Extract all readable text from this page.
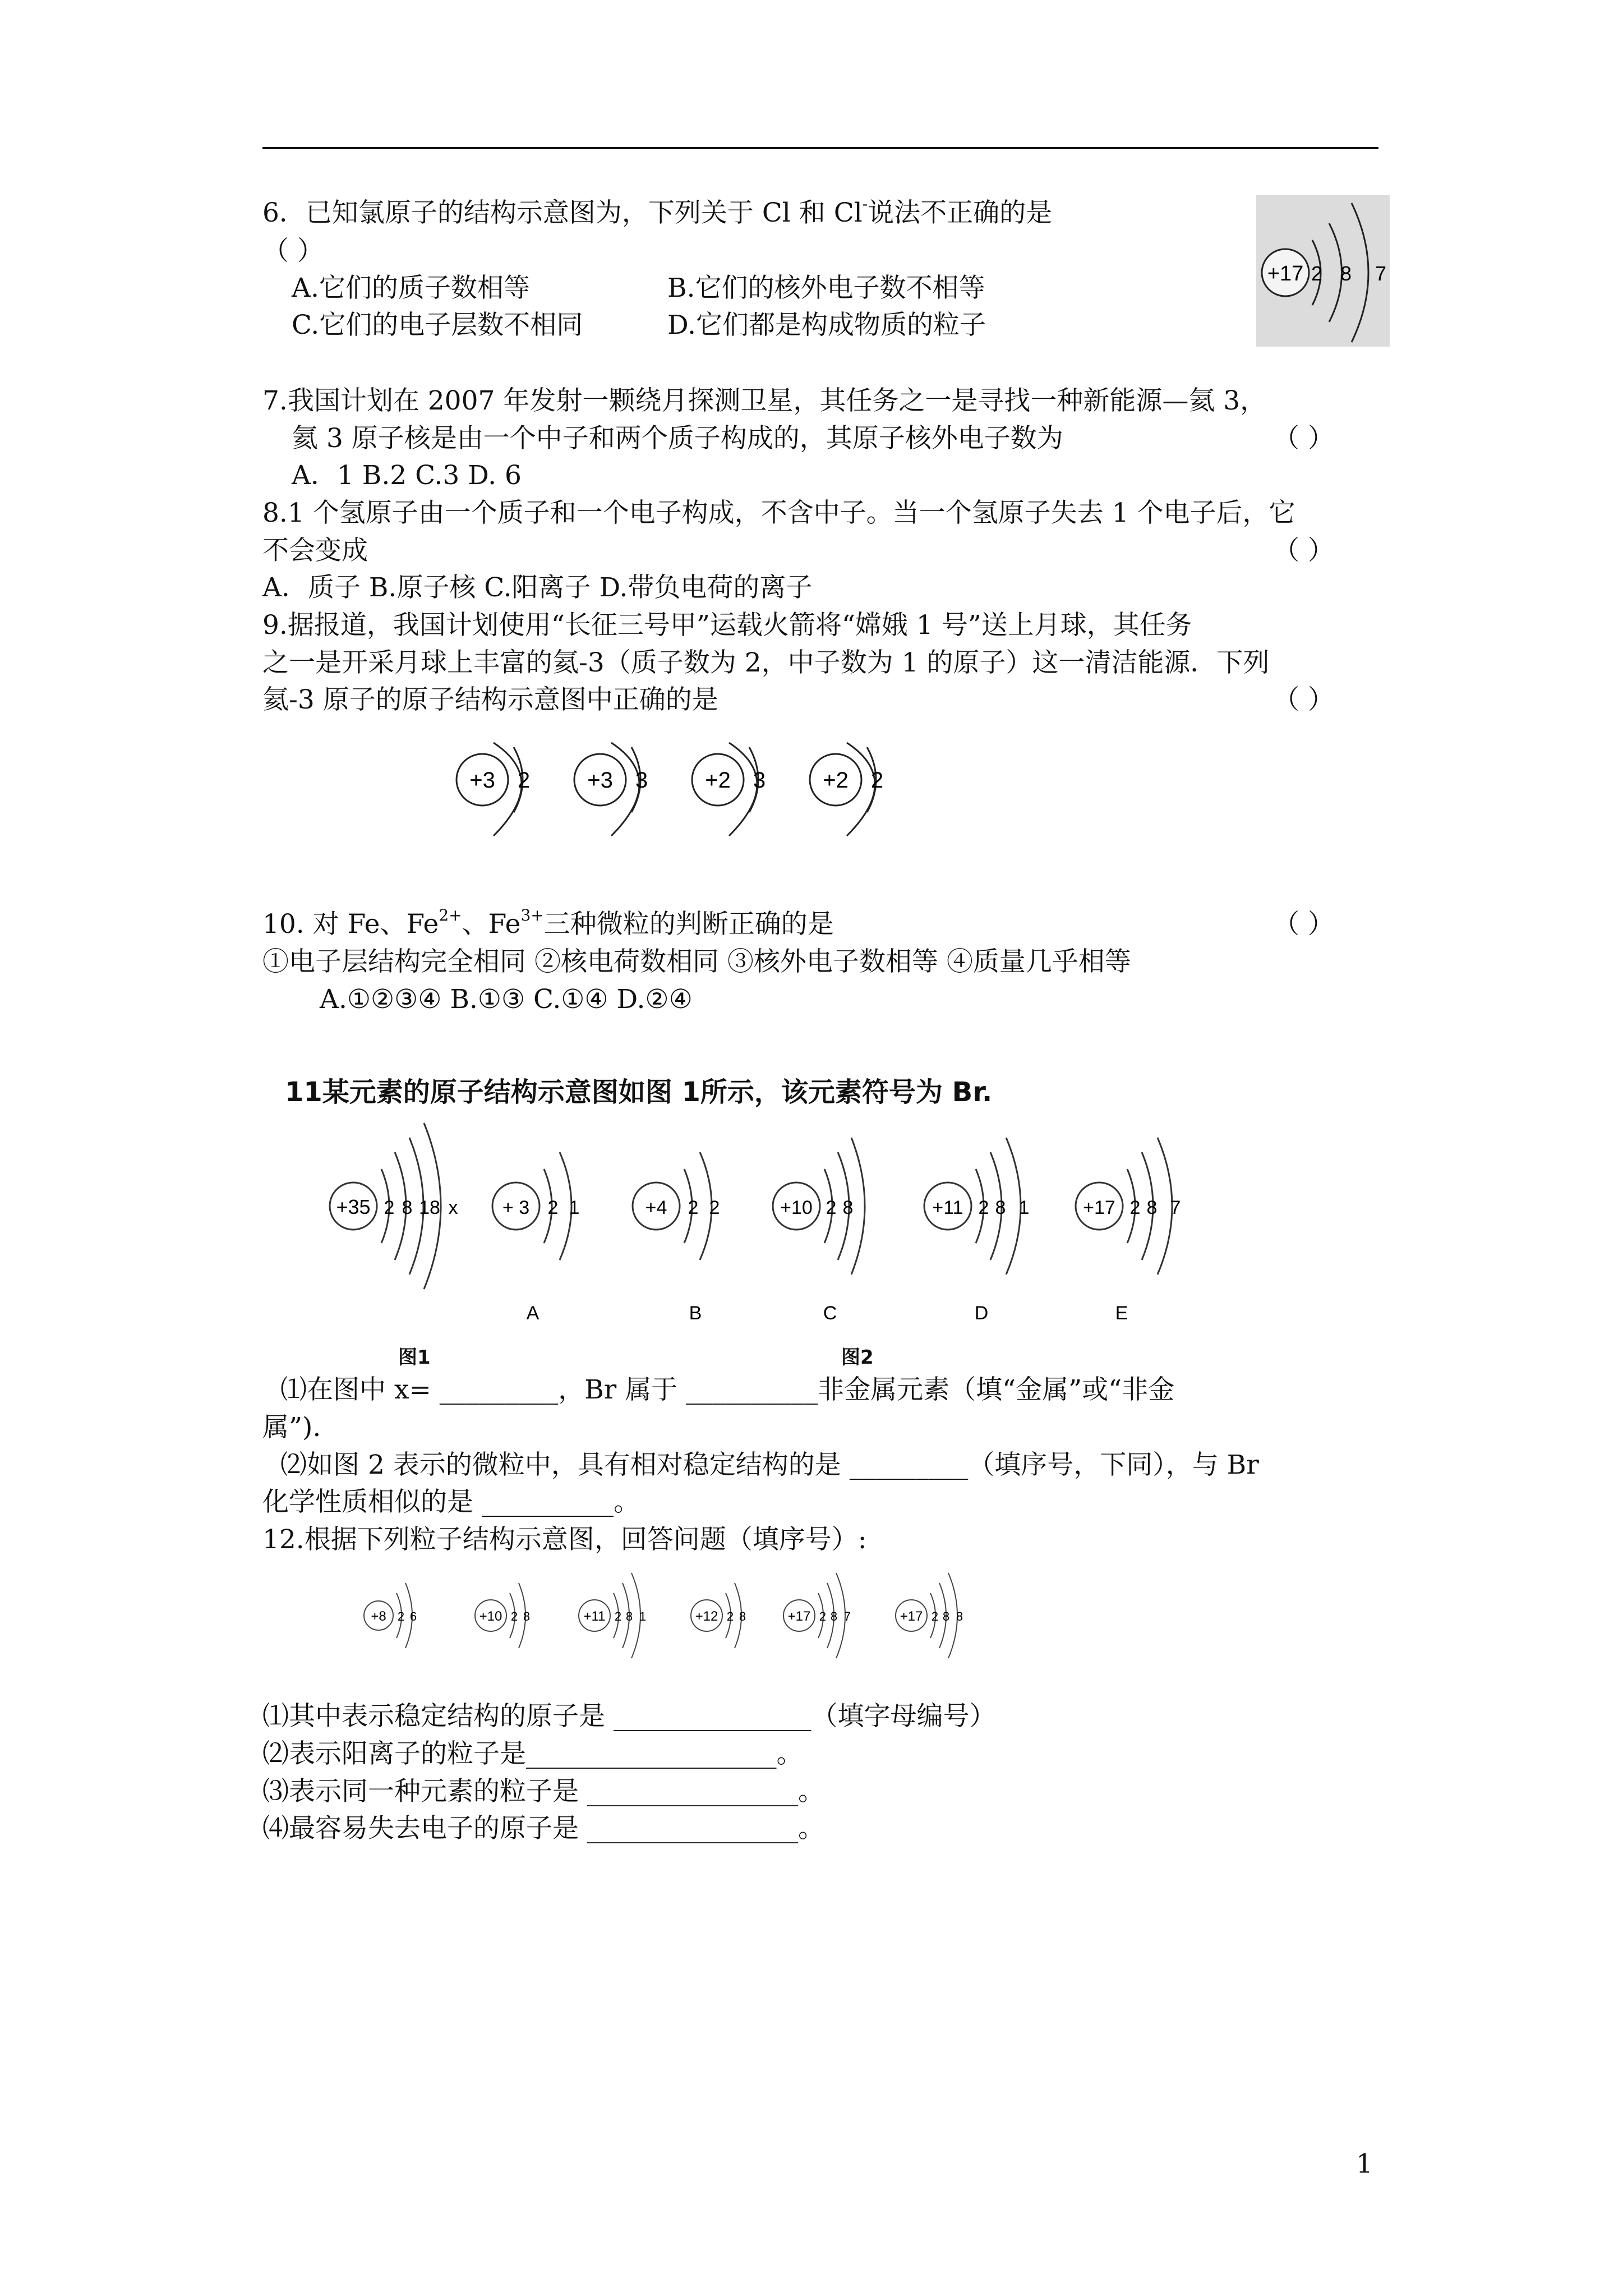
6．已知氯原子的结构示意图为，下列关于 Cl 和 Cl-说法不正确的是
（ ）
A.它们的质子数相等	B.它们的核外电子数不相等
C.它们的电子层数不相同	D.它们都是构成物质的粒子
+17 2 8 7
7.我国计划在 2007 年发射一颗绕月探测卫星，其任务之一是寻找一种新能源—氦 3，
氦 3 原子核是由一个中子和两个质子构成的，其原子核外电子数为	（ ）
A．1 B.2 C.3 D. 6
8.1 个氢原子由一个质子和一个电子构成，不含中子。当一个氢原子失去 1 个电子后，它
不会变成	（ ）
A．质子 B.原子核 C.阳离子 D.带负电荷的离子
9.据报道，我国计划使用“长征三号甲”运载火箭将“嫦娥 1 号”送上月球，其任务
之一是开采月球上丰富的氦-3（质子数为 2，中子数为 1 的原子）这一清洁能源．下列
氦-3 原子的原子结构示意图中正确的是	（ ）
+3 2	+3 3	+2 3	+2 2
10. 对 Fe、$Fe^{2+}$、$Fe^{3+}$三种微粒的判断正确的是	（ ）
①电子层结构完全相同 ②核电荷数相同 ③核外电子数相等 ④质量几乎相等
A.①②③④ B.①③ C.①④ D.②④
11某元素的原子结构示意图如图 1所示，该元素符号为 Br.
+35 2 8 18 x + 3 2 1
A
+4 2 2
B
+10 2 8
C
+11 2 8 1
D
+17 2 8 7
E
图1	图2
⑴在图中 x= _________，Br 属于 __________非金属元素（填“金属”或“非金
属”).
⑵如图 2 表示的微粒中，具有相对稳定结构的是 _________（填序号，下同），与 Br
化学性质相似的是 __________。
12.根据下列粒子结构示意图，回答问题（填序号）:
+8 2 6	+10 2 8	+11 2 8 1	+12 2 8	+17 2 8 7	+17 2 8 8
⑴其中表示稳定结构的原子是 _______________（填字母编号）
⑵表示阳离子的粒子是___________________。
⑶表示同一种元素的粒子是 ________________。
⑷最容易失去电子的原子是 ________________。
1
